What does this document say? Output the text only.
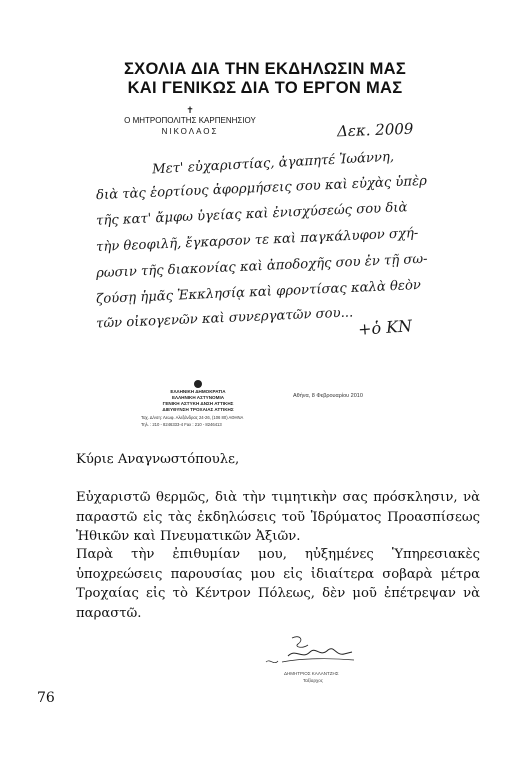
ΣΧΟΛΙΑ ΔΙΑ ΤΗΝ ΕΚΔΗΛΩΣΙΝ ΜΑΣ
ΚΑΙ ΓΕΝΙΚΩΣ ΔΙΑ ΤΟ ΕΡΓΟΝ ΜΑΣ
✝
Ο ΜΗΤΡΟΠΟΛΙΤΗΣ ΚΑΡΠΕΝΗΣΙΟΥ
ΝΙΚΟΛΑΟΣ	Δεκ. 2009
Μετ' εὐχαριστίας, ἀγαπητέ Ἰωάννη,
διὰ τὰς ἑορτίους ἀφορμήσεις σου καὶ εὐχὰς ὑπὲρ
τῆς κατ' ἄμφω ὑγείας καὶ ἐνισχύσεώς σου διὰ
τὴν θεοφιλῆ, ἔγκαρσον τε καὶ παγκάλυφον σχή-
ρωσιν τῆς διακονίας καὶ ἀποδοχῆς σου ἐν τῇ σω-
ζούσῃ ἡμᾶς Ἐκκλησίᾳ καὶ φροντίσας καλὰ θεὸν
τῶν οἰκογενῶν καὶ συνεργατῶν σου... +ὁ ΚΝ
ΕΛΛΗΝΙΚΗ ΔΗΜΟΚΡΑΤΙΑ
ΕΛΛΗΝΙΚΗ ΑΣΤΥΝΟΜΙΑ
ΓΕΝΙΚΗ ΑΣΤΥΚΗ ΔΝΣΗ ΑΤΤΙΚΗΣ
ΔΙΕΥΘΥΝΣΗ ΤΡΟΧΑΙΑΣ ΑΤΤΙΚΗΣ
Ταχ. Δ/νση: Λεωφ. Αλεξάνδρας 24-26, (106 80) ΑΘΗΝΑ
Τηλ. : 210 - 8246333-4 Fax : 210 - 8246413
Αθήνα, 8 Φεβρουαρίου 2010
Κύριε Αναγνωστόπουλε,
Εὐχαριστῶ θερμῶς, διὰ τὴν τιμητικὴν σας πρόσκλησιν, νὰ παραστῶ εἰς τὰς ἐκδηλώσεις τοῦ Ἱδρύματος Προασπίσεως Ἠθικῶν καὶ Πνευματικῶν Ἀξιῶν.
Παρὰ τὴν ἐπιθυμίαν μου, ηὐξημένες Ὑπηρεσιακὲς ὑποχρεώσεις παρουσίας μου εἰς ἰδιαίτερα σοβαρὰ μέτρα Τροχαίας εἰς τὸ Κέντρον Πόλεως, δὲν μοῦ ἐπέτρεψαν νὰ παραστῶ.
ΔΗΜΗΤΡΙΟΣ ΚΑΛΑΝΤΖΗΣ
Ταξίαρχος
76
